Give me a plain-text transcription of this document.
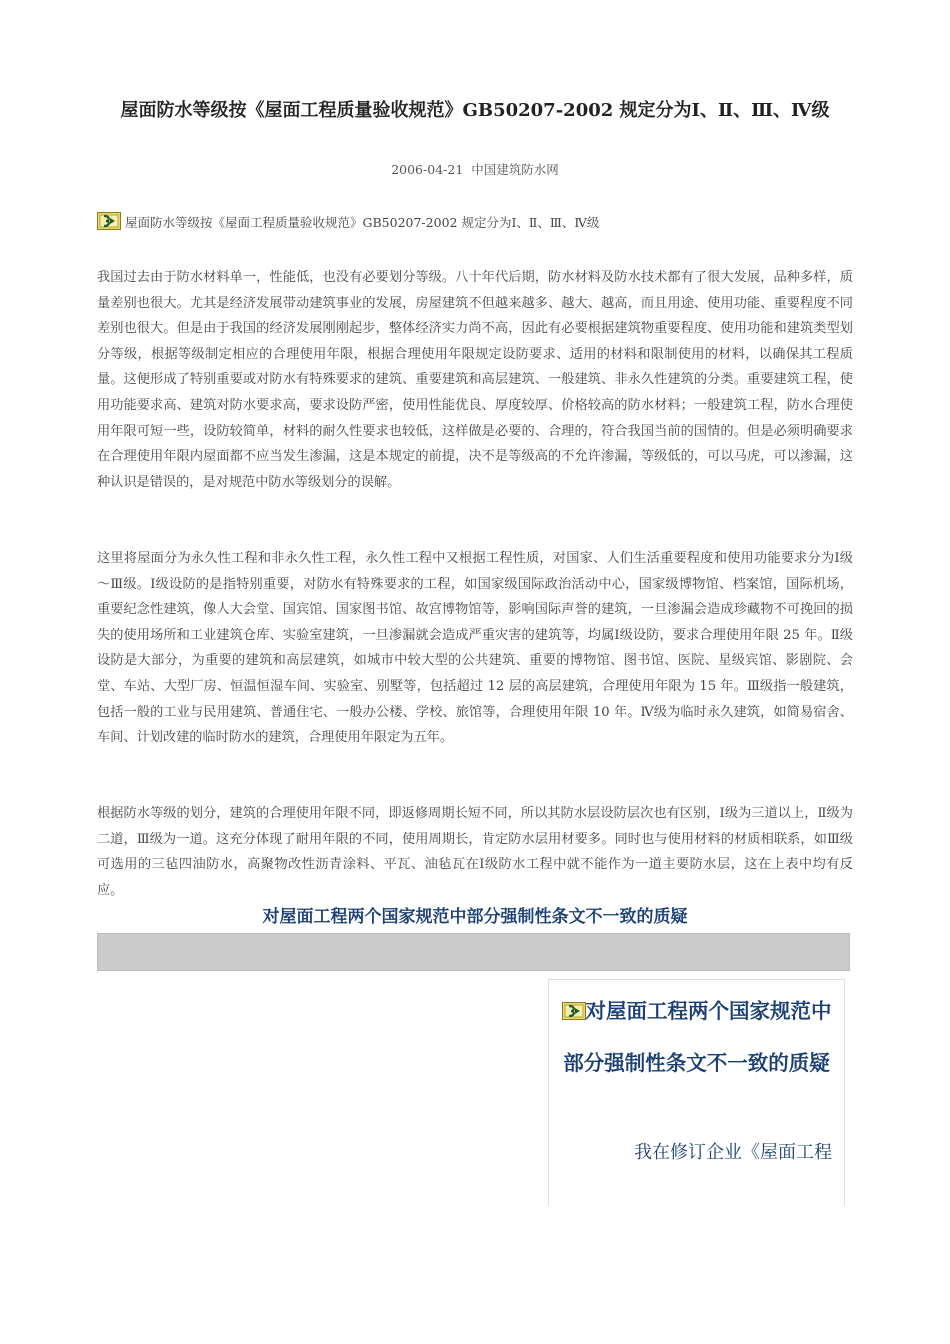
屋面防水等级按《屋面工程质量验收规范》GB50207-2002 规定分为Ⅰ、Ⅱ、Ⅲ、Ⅳ级
2006-04-21 中国建筑防水网
屋面防水等级按《屋面工程质量验收规范》GB50207-2002 规定分为Ⅰ、Ⅱ、Ⅲ、Ⅳ级

我国过去由于防水材料单一，性能低，也没有必要划分等级。八十年代后期，防水材料及防水技术都有了很大发展，品种多样，质量差别也很大。尤其是经济发展带动建筑事业的发展，房屋建筑不但越来越多、越大、越高，而且用途、使用功能、重要程度不同差别也很大。但是由于我国的经济发展刚刚起步，整体经济实力尚不高，因此有必要根据建筑物重要程度、使用功能和建筑类型划分等级，根据等级制定相应的合理使用年限，根据合理使用年限规定设防要求、适用的材料和限制使用的材料，以确保其工程质量。这便形成了特别重要或对防水有特殊要求的建筑、重要建筑和高层建筑、一般建筑、非永久性建筑的分类。重要建筑工程，使用功能要求高、建筑对防水要求高，要求设防严密，使用性能优良、厚度较厚、价格较高的防水材料；一般建筑工程，防水合理使用年限可短一些，设防较简单，材料的耐久性要求也较低，这样做是必要的、合理的，符合我国当前的国情的。但是必须明确要求在合理使用年限内屋面都不应当发生渗漏，这是本规定的前提，决不是等级高的不允许渗漏，等级低的，可以马虎，可以渗漏，这种认识是错误的，是对规范中防水等级划分的误解。

这里将屋面分为永久性工程和非永久性工程，永久性工程中又根据工程性质，对国家、人们生活重要程度和使用功能要求分为Ⅰ级～Ⅲ级。Ⅰ级设防的是指特别重要，对防水有特殊要求的工程，如国家级国际政治活动中心，国家级博物馆、档案馆，国际机场，重要纪念性建筑，像人大会堂、国宾馆、国家图书馆、故宫博物馆等，影响国际声誉的建筑，一旦渗漏会造成珍藏物不可挽回的损失的使用场所和工业建筑仓库、实验室建筑，一旦渗漏就会造成严重灾害的建筑等，均属Ⅰ级设防，要求合理使用年限 25 年。Ⅱ级设防是大部分，为重要的建筑和高层建筑，如城市中较大型的公共建筑、重要的博物馆、图书馆、医院、星级宾馆、影剧院、会堂、车站、大型厂房、恒温恒湿车间、实验室、别墅等，包括超过 12 层的高层建筑，合理使用年限为 15 年。Ⅲ级指一般建筑，包括一般的工业与民用建筑、普通住宅、一般办公楼、学校、旅馆等，合理使用年限 10 年。Ⅳ级为临时永久建筑，如简易宿舍、车间、计划改建的临时防水的建筑，合理使用年限定为五年。

根据防水等级的划分，建筑的合理使用年限不同，即返修周期长短不同，所以其防水层设防层次也有区别，Ⅰ级为三道以上，Ⅱ级为二道，Ⅲ级为一道。这充分体现了耐用年限的不同，使用周期长，肯定防水层用材要多。同时也与使用材料的材质相联系，如Ⅲ级可选用的三毡四油防水，高聚物改性沥青涂料、平瓦、油毡瓦在Ⅰ级防水工程中就不能作为一道主要防水层，这在上表中均有反应。

对屋面工程两个国家规范中部分强制性条文不一致的质疑
对屋面工程两个国家规范中部分强制性条文不一致的质疑

我在修订企业《屋面工程
